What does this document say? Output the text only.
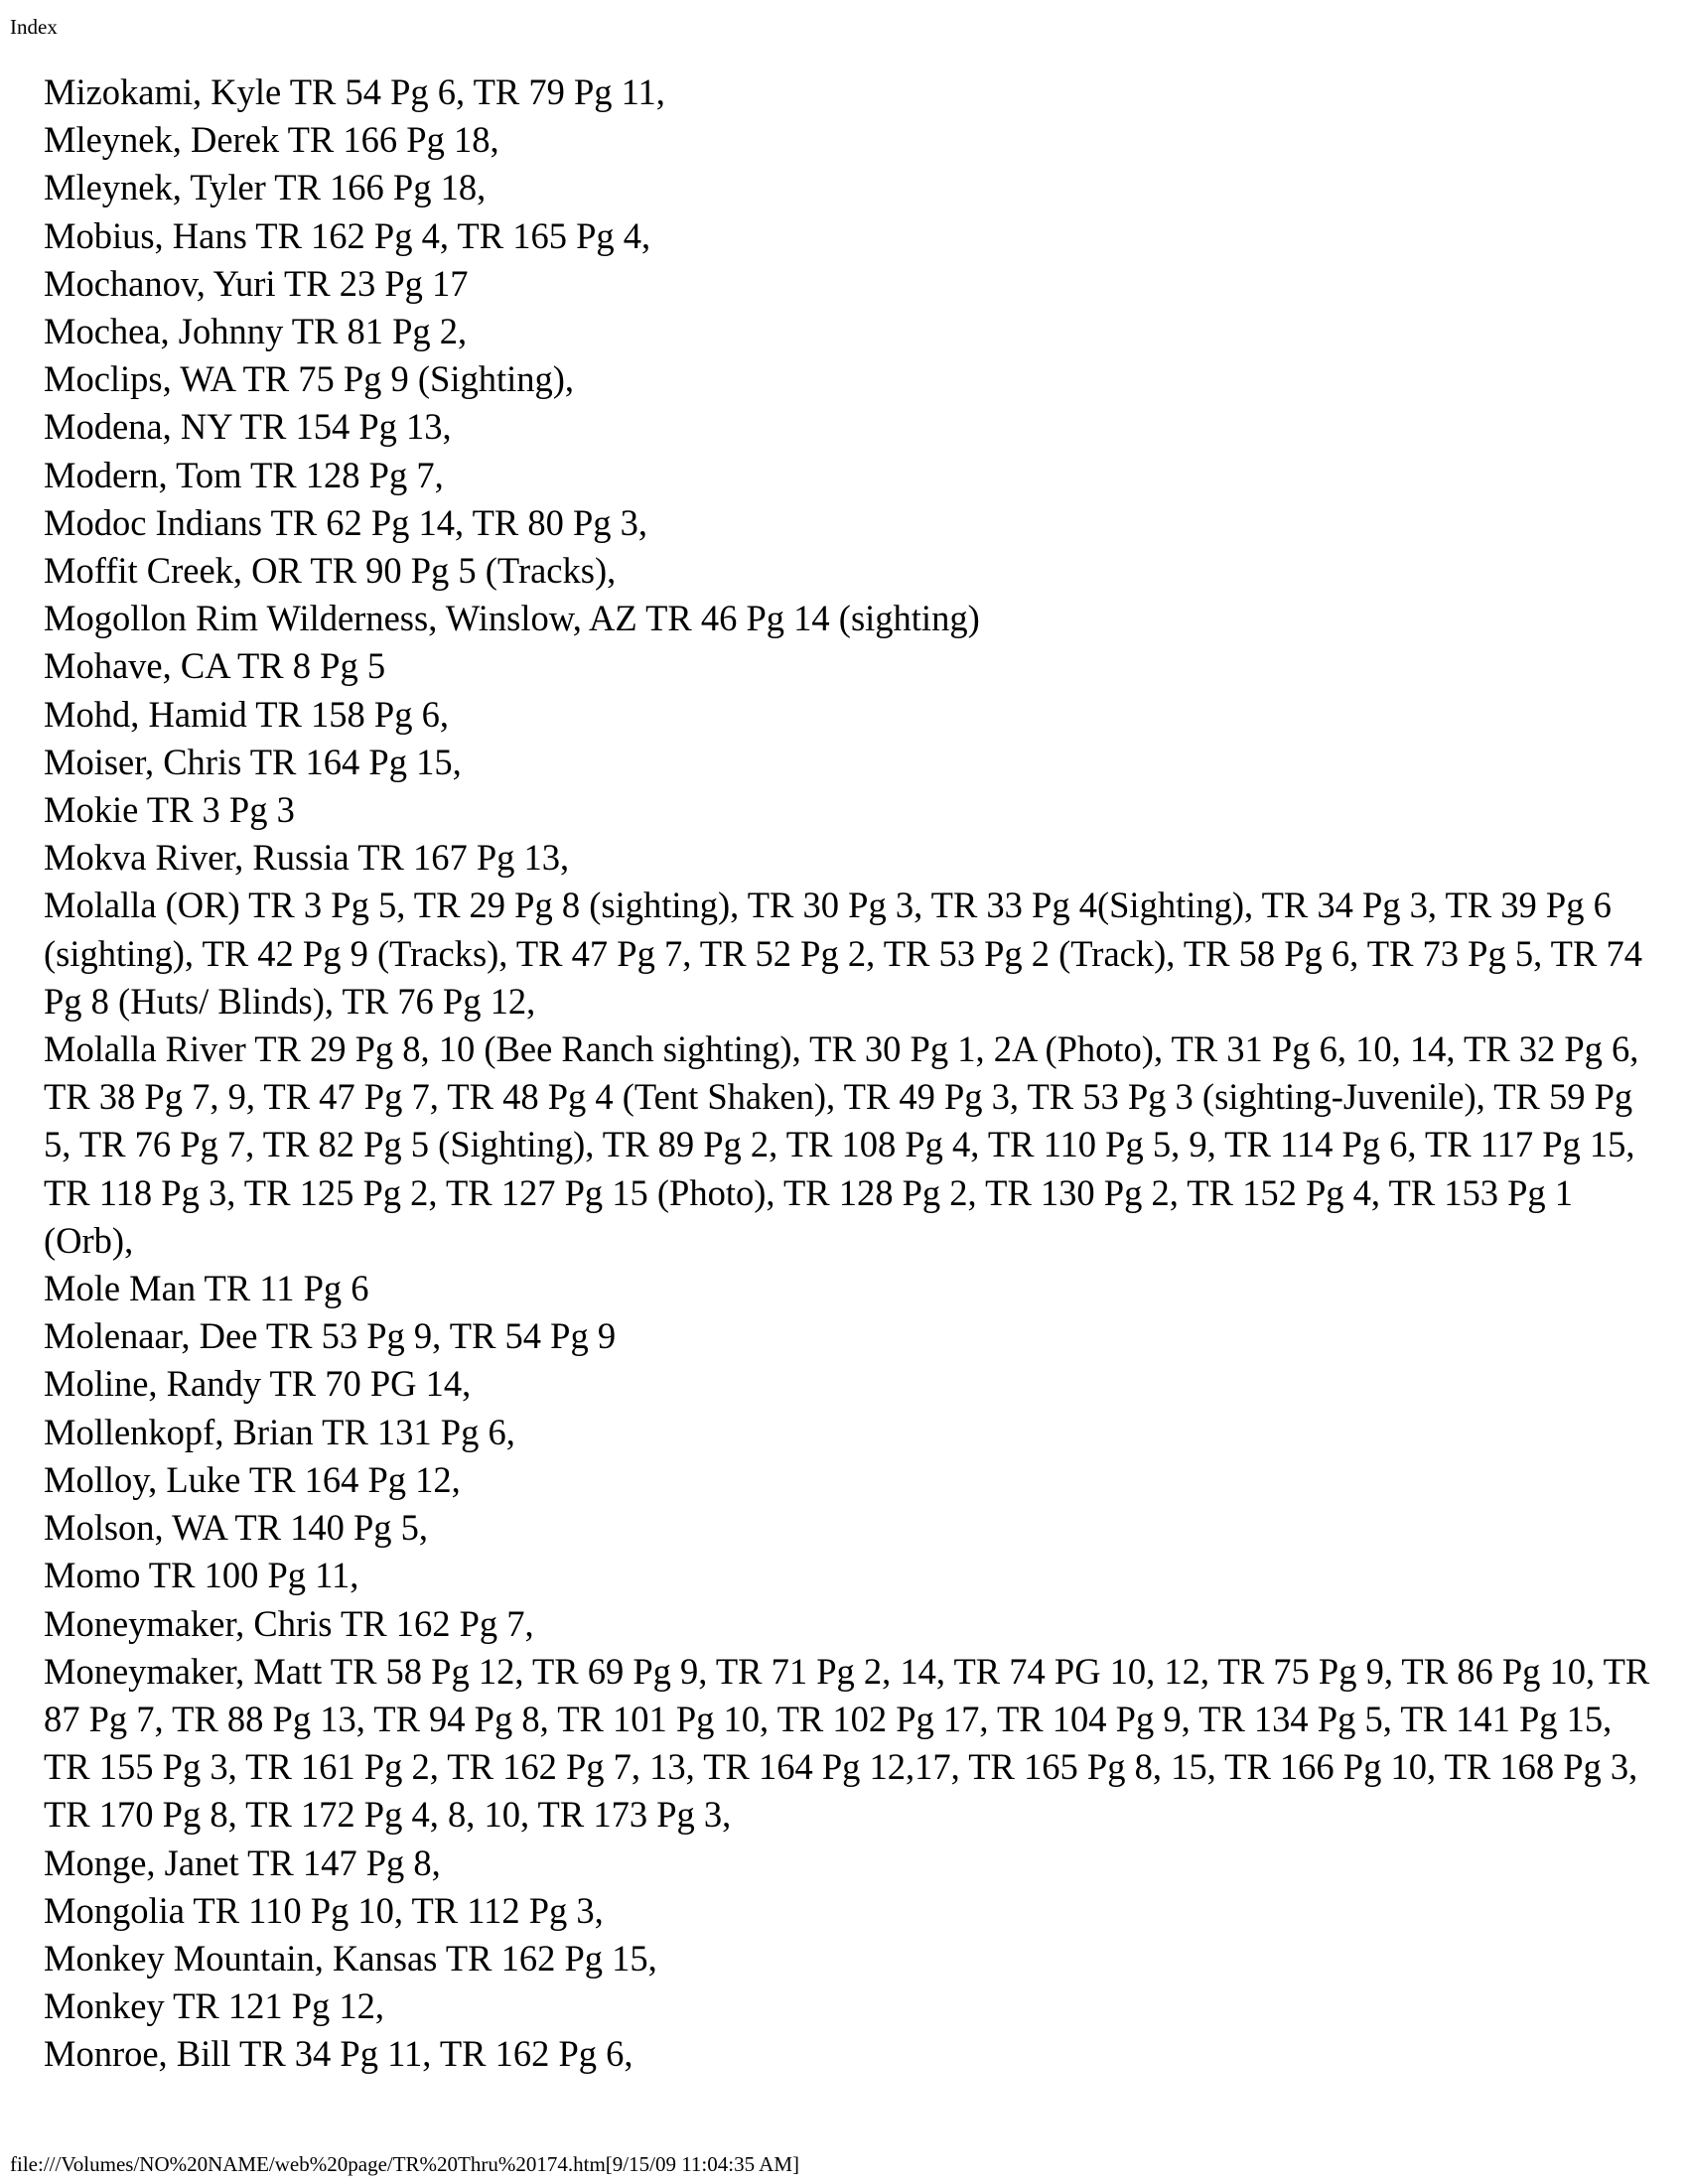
Index
Mizokami, Kyle TR 54 Pg 6, TR 79 Pg 11,
Mleynek, Derek TR 166 Pg 18,
Mleynek, Tyler TR 166 Pg 18,
Mobius, Hans TR 162 Pg 4, TR 165 Pg 4,
Mochanov, Yuri TR 23 Pg 17
Mochea, Johnny TR 81 Pg 2,
Moclips, WA TR 75 Pg 9 (Sighting),
Modena, NY TR 154 Pg 13,
Modern, Tom TR 128 Pg 7,
Modoc Indians TR 62 Pg 14, TR 80 Pg 3,
Moffit Creek, OR TR 90 Pg 5 (Tracks),
Mogollon Rim Wilderness, Winslow, AZ TR 46 Pg 14 (sighting)
Mohave, CA TR 8 Pg 5
Mohd, Hamid TR 158 Pg 6,
Moiser, Chris TR 164 Pg 15,
Mokie TR 3 Pg 3
Mokva River, Russia TR 167 Pg 13,
Molalla (OR) TR 3 Pg 5, TR 29 Pg 8 (sighting), TR 30 Pg 3, TR 33 Pg 4(Sighting), TR 34 Pg 3, TR 39 Pg 6 (sighting), TR 42 Pg 9 (Tracks), TR 47 Pg 7, TR 52 Pg 2, TR 53 Pg 2 (Track), TR 58 Pg 6, TR 73 Pg 5, TR 74 Pg 8 (Huts/ Blinds), TR 76 Pg 12,
Molalla River TR 29 Pg 8, 10 (Bee Ranch sighting), TR 30 Pg 1, 2A (Photo), TR 31 Pg 6, 10, 14, TR 32 Pg 6, TR 38 Pg 7, 9, TR 47 Pg 7, TR 48 Pg 4 (Tent Shaken), TR 49 Pg 3, TR 53 Pg 3 (sighting-Juvenile), TR 59 Pg 5, TR 76 Pg 7, TR 82 Pg 5 (Sighting), TR 89 Pg 2, TR 108 Pg 4, TR 110 Pg 5, 9, TR 114 Pg 6, TR 117 Pg 15, TR 118 Pg 3, TR 125 Pg 2, TR 127 Pg 15 (Photo), TR 128 Pg 2, TR 130 Pg 2, TR 152 Pg 4, TR 153 Pg 1 (Orb),
Mole Man TR 11 Pg 6
Molenaar, Dee TR 53 Pg 9, TR 54 Pg 9
Moline, Randy TR 70 PG 14,
Mollenkopf, Brian TR 131 Pg 6,
Molloy, Luke TR 164 Pg 12,
Molson, WA TR 140 Pg 5,
Momo TR 100 Pg 11,
Moneymaker, Chris TR 162 Pg 7,
Moneymaker, Matt TR 58 Pg 12, TR 69 Pg 9, TR 71 Pg 2, 14, TR 74 PG 10, 12, TR 75 Pg 9, TR 86 Pg 10, TR 87 Pg 7, TR 88 Pg 13, TR 94 Pg 8, TR 101 Pg 10, TR 102 Pg 17, TR 104 Pg 9, TR 134 Pg 5, TR 141 Pg 15, TR 155 Pg 3, TR 161 Pg 2, TR 162 Pg 7, 13, TR 164 Pg 12,17, TR 165 Pg 8, 15, TR 166 Pg 10, TR 168 Pg 3, TR 170 Pg 8, TR 172 Pg 4, 8, 10, TR 173 Pg 3,
Monge, Janet TR 147 Pg 8,
Mongolia TR 110 Pg 10, TR 112 Pg 3,
Monkey Mountain, Kansas TR 162 Pg 15,
Monkey TR 121 Pg 12,
Monroe, Bill TR 34 Pg 11, TR 162 Pg 6,
file:///Volumes/NO%20NAME/web%20page/TR%20Thru%20174.htm[9/15/09 11:04:35 AM]
